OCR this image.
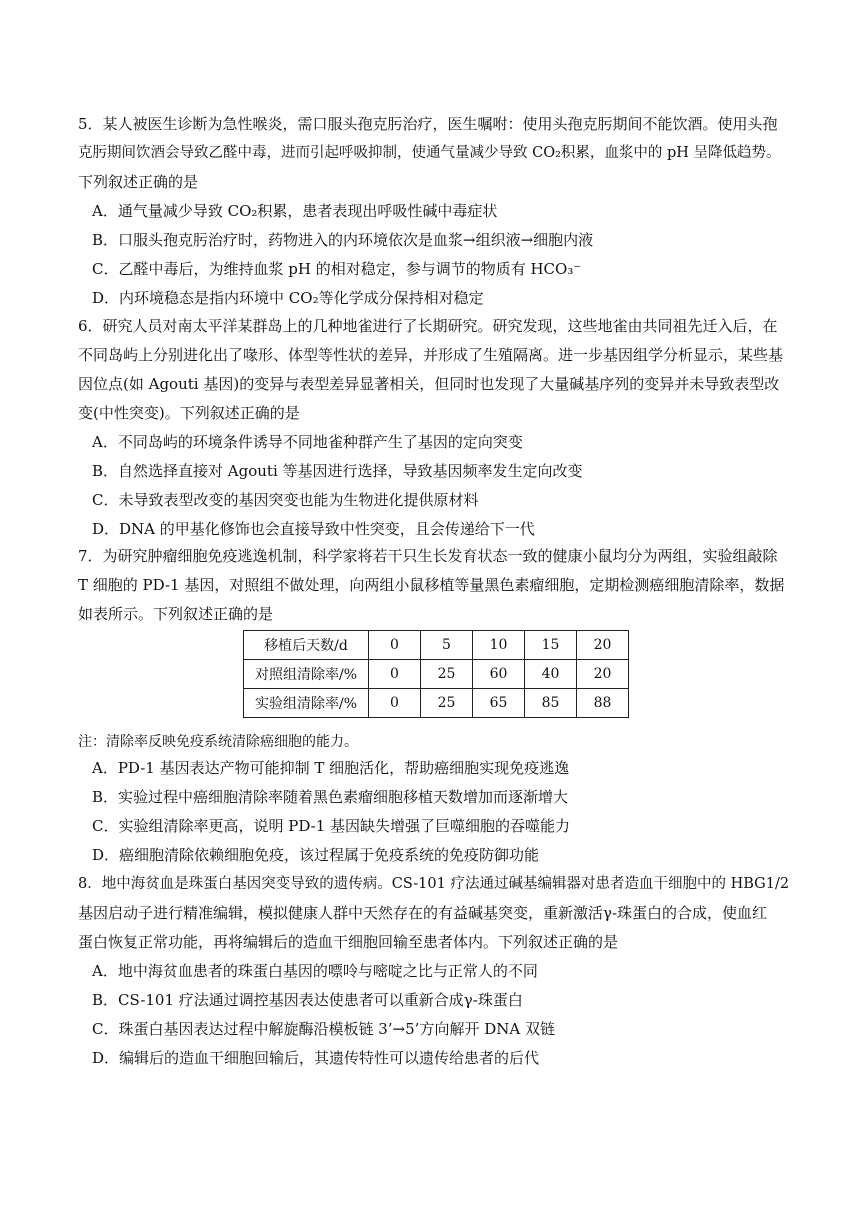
5．某人被医生诊断为急性喉炎，需口服头孢克肟治疗，医生嘱咐：使用头孢克肟期间不能饮酒。使用头孢
克肟期间饮酒会导致乙醛中毒，进而引起呼吸抑制，使通气量减少导致 CO₂积累，血浆中的 pH 呈降低趋势。
下列叙述正确的是
A．通气量减少导致 CO₂积累，患者表现出呼吸性碱中毒症状
B．口服头孢克肟治疗时，药物进入的内环境依次是血浆→组织液→细胞内液
C．乙醛中毒后，为维持血浆 pH 的相对稳定，参与调节的物质有 HCO₃⁻
D．内环境稳态是指内环境中 CO₂等化学成分保持相对稳定
6．研究人员对南太平洋某群岛上的几种地雀进行了长期研究。研究发现，这些地雀由共同祖先迁入后，在
不同岛屿上分别进化出了喙形、体型等性状的差异，并形成了生殖隔离。进一步基因组学分析显示，某些基
因位点(如 Agouti 基因)的变异与表型差异显著相关，但同时也发现了大量碱基序列的变异并未导致表型改
变(中性突变)。下列叙述正确的是
A．不同岛屿的环境条件诱导不同地雀种群产生了基因的定向突变
B．自然选择直接对 Agouti 等基因进行选择，导致基因频率发生定向改变
C．未导致表型改变的基因突变也能为生物进化提供原材料
D．DNA 的甲基化修饰也会直接导致中性突变，且会传递给下一代
7．为研究肿瘤细胞免疫逃逸机制，科学家将若干只生长发育状态一致的健康小鼠均分为两组，实验组敲除
T 细胞的 PD-1 基因，对照组不做处理，向两组小鼠移植等量黑色素瘤细胞，定期检测癌细胞清除率，数据
如表所示。下列叙述正确的是
移植后天数/d	0	5	10	15	20
对照组清除率/%	0	25	60	40	20
实验组清除率/%	0	25	65	85	88
注：清除率反映免疫系统清除癌细胞的能力。
A．PD-1 基因表达产物可能抑制 T 细胞活化，帮助癌细胞实现免疫逃逸
B．实验过程中癌细胞清除率随着黑色素瘤细胞移植天数增加而逐渐增大
C．实验组清除率更高，说明 PD-1 基因缺失增强了巨噬细胞的吞噬能力
D．癌细胞清除依赖细胞免疫，该过程属于免疫系统的免疫防御功能
8．地中海贫血是珠蛋白基因突变导致的遗传病。CS-101 疗法通过碱基编辑器对患者造血干细胞中的 HBG1/2
基因启动子进行精准编辑，模拟健康人群中天然存在的有益碱基突变，重新激活γ-珠蛋白的合成，使血红
蛋白恢复正常功能，再将编辑后的造血干细胞回输至患者体内。下列叙述正确的是
A．地中海贫血患者的珠蛋白基因的嘌呤与嘧啶之比与正常人的不同
B．CS-101 疗法通过调控基因表达使患者可以重新合成γ-珠蛋白
C．珠蛋白基因表达过程中解旋酶沿模板链 3’→5’方向解开 DNA 双链
D．编辑后的造血干细胞回输后，其遗传特性可以遗传给患者的后代
